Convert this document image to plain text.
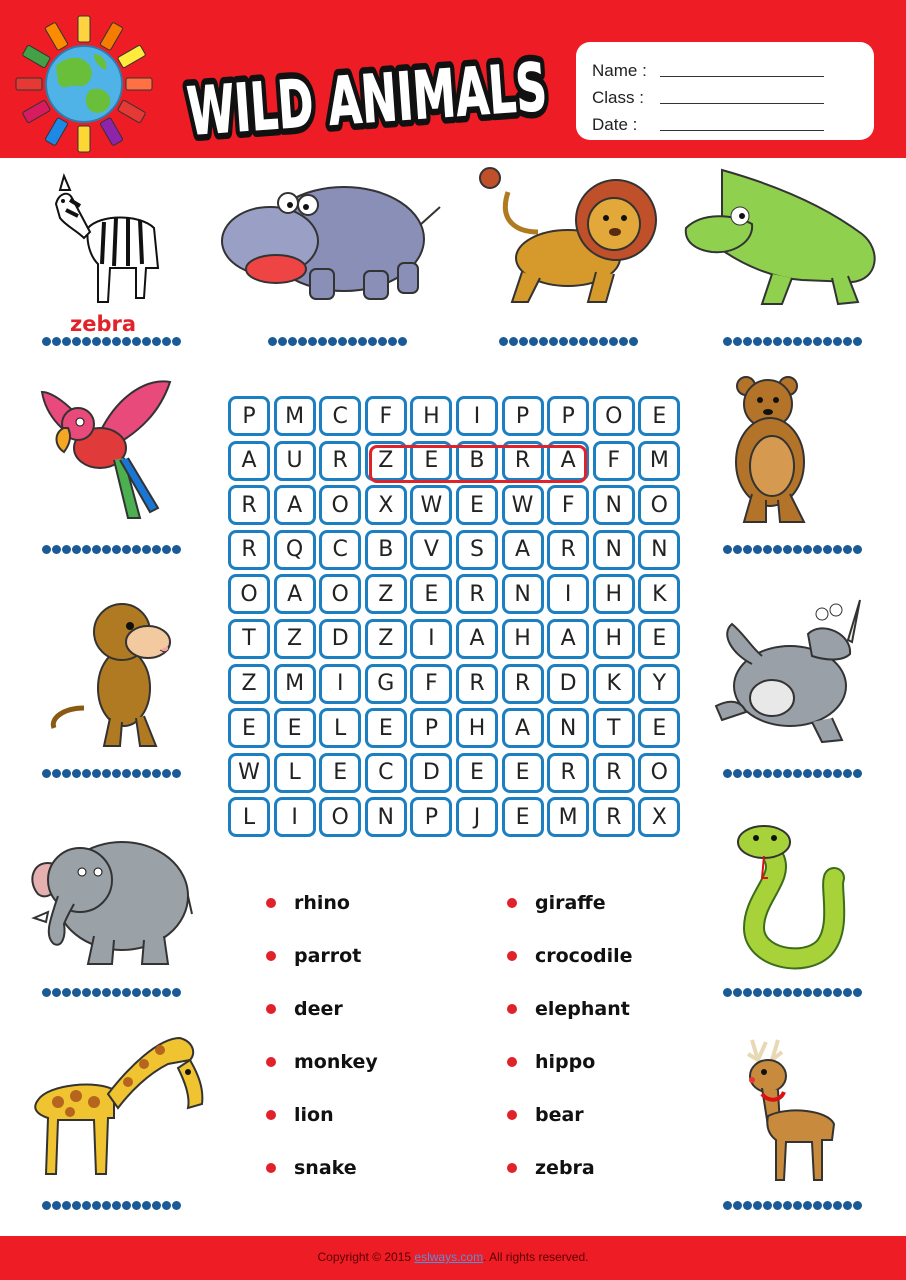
WILD ANIMALS
WILD ANIMALS
Name :
Class :
Date :
zebra
P	M	C	F	H	I	P	P	O	E
A	U	R	Z	E	B	R	A	F	M
R	A	O	X	W	E	W	F	N	O
R	Q	C	B	V	S	A	R	N	N
O	A	O	Z	E	R	N	I	H	K
T	Z	D	Z	I	A	H	A	H	E
Z	M	I	G	F	R	R	D	K	Y
E	E	L	E	P	H	A	N	T	E
W	L	E	C	D	E	E	R	R	O
L	I	O	N	P	J	E	M	R	X
rhino
parrot
deer
monkey
lion
snake
giraffe
crocodile
elephant
hippo
bear
zebra
Copyright © 2015 eslways.com. All rights reserved.
